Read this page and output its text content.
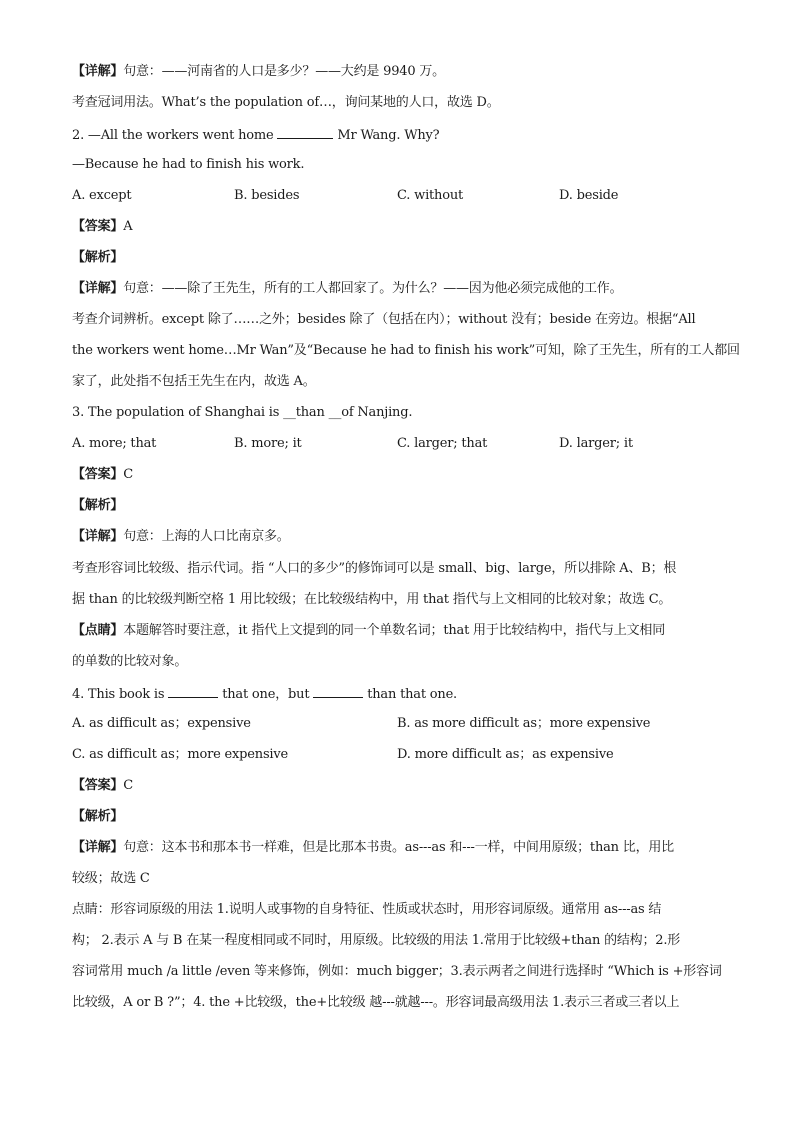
【详解】句意：——河南省的人口是多少？——大约是 9940 万。
考查冠词用法。What’s the population of…，询问某地的人口，故选 D。
2. —All the workers went home	Mr Wang. Why?
—Because he had to finish his work.
A. except	B. besides	C. without	D. beside
【答案】A
【解析】
【详解】句意：——除了王先生，所有的工人都回家了。为什么？——因为他必须完成他的工作。
考查介词辨析。except 除了……之外；besides 除了（包括在内）；without 没有；beside 在旁边。根据“All
the workers went home…Mr Wan”及“Because he had to finish his work”可知，除了王先生，所有的工人都回
家了，此处指不包括王先生在内，故选 A。
3. The population of Shanghai is __than __of Nanjing.
A. more; that	B. more; it	C. larger; that	D. larger; it
【答案】C
【解析】
【详解】句意：上海的人口比南京多。
考查形容词比较级、指示代词。指 “人口的多少”的修饰词可以是 small、big、large，所以排除 A、B；根
据 than 的比较级判断空格 1 用比较级；在比较级结构中，用 that 指代与上文相同的比较对象；故选 C。
【点睛】本题解答时要注意，it 指代上文提到的同一个单数名词；that 用于比较结构中，指代与上文相同
的单数的比较对象。
4. This book is	that one，but	than that one.
A. as difficult as；expensive	B. as more difficult as；more expensive
C. as difficult as；more expensive	D. more difficult as；as expensive
【答案】C
【解析】
【详解】句意：这本书和那本书一样难，但是比那本书贵。as---as 和---一样，中间用原级；than 比，用比
较级；故选 C
点睛：形容词原级的用法 1.说明人或事物的自身特征、性质或状态时，用形容词原级。通常用 as---as 结
构； 2.表示 A 与 B 在某一程度相同或不同时，用原级。比较级的用法 1.常用于比较级+than 的结构；2.形
容词常用 much /a little /even 等来修饰，例如：much bigger；3.表示两者之间进行选择时 “Which is +形容词
比较级，A or B ?”；4. the +比较级，the+比较级 越---就越---。形容词最高级用法 1.表示三者或三者以上
